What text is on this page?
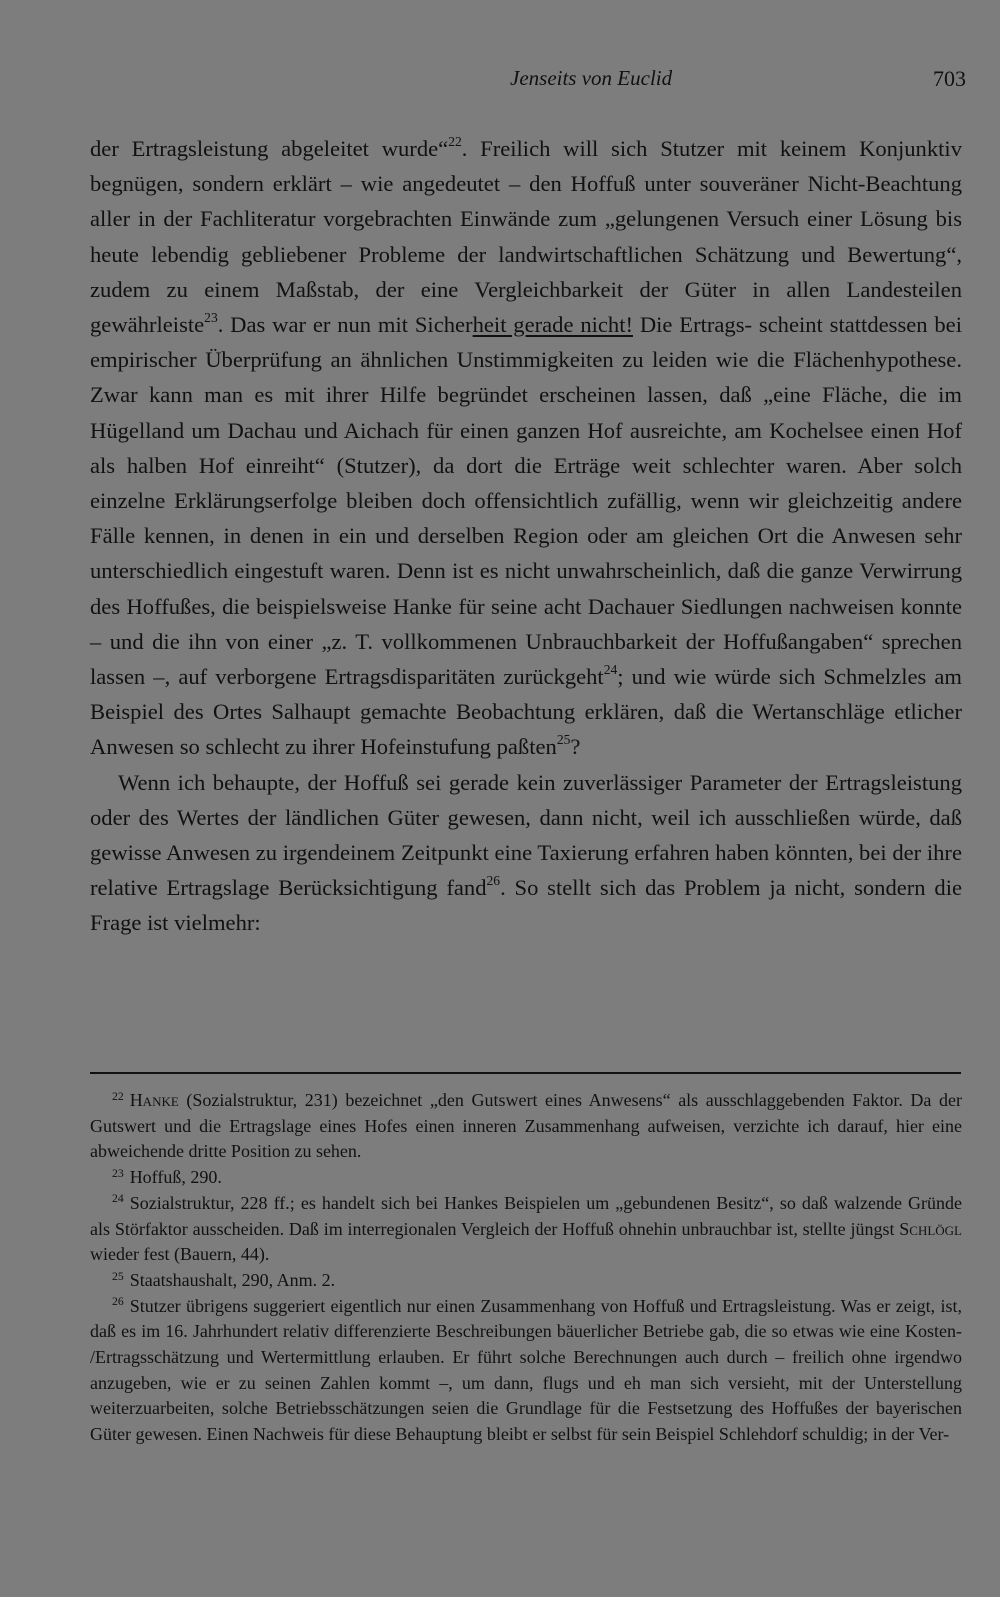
Jenseits von Euclid	703

der Ertragsleistung abgeleitet wurde“$^{22}$. Freilich will sich Stutzer mit keinem Konjunktiv begnügen, sondern erklärt – wie angedeutet – den Hoffuß unter souveräner Nicht-Beachtung aller in der Fachliteratur vorgebrachten Einwände zum „gelungenen Versuch einer Lösung bis heute lebendig gebliebener Probleme der landwirtschaftlichen Schätzung und Bewertung“, zudem zu einem Maßstab, der eine Vergleichbarkeit der Güter in allen Landesteilen gewährleiste$^{23}$. Das war er nun mit Sicherheit gerade nicht! Die Ertrags- scheint stattdessen bei empirischer Überprüfung an ähnlichen Unstimmigkeiten zu leiden wie die Flächenhypothese. Zwar kann man es mit ihrer Hilfe begründet erscheinen lassen, daß „eine Fläche, die im Hügelland um Dachau und Aichach für einen ganzen Hof ausreichte, am Kochelsee einen Hof als halben Hof einreiht“ (Stutzer), da dort die Erträge weit schlechter waren. Aber solch einzelne Erklärungserfolge bleiben doch offensichtlich zufällig, wenn wir gleichzeitig andere Fälle kennen, in denen in ein und derselben Region oder am gleichen Ort die Anwesen sehr unterschiedlich eingestuft waren. Denn ist es nicht unwahrscheinlich, daß die ganze Verwirrung des Hoffußes, die beispielsweise Hanke für seine acht Dachauer Siedlungen nachweisen konnte – und die ihn von einer „z. T. vollkommenen Unbrauchbarkeit der Hoffußangaben“ sprechen lassen –, auf verborgene Ertragsdisparitäten zurückgeht$^{24}$; und wie würde sich Schmelzles am Beispiel des Ortes Salhaupt gemachte Beobachtung erklären, daß die Wertanschläge etlicher Anwesen so schlecht zu ihrer Hofeinstufung paßten$^{25}$?

Wenn ich behaupte, der Hoffuß sei gerade kein zuverlässiger Parameter der Ertragsleistung oder des Wertes der ländlichen Güter gewesen, dann nicht, weil ich ausschließen würde, daß gewisse Anwesen zu irgendeinem Zeitpunkt eine Taxierung erfahren haben könnten, bei der ihre relative Ertragslage Berücksichtigung fand$^{26}$. So stellt sich das Problem ja nicht, sondern die Frage ist vielmehr:

$^{22}$ Hanke (Sozialstruktur, 231) bezeichnet „den Gutswert eines Anwesens“ als ausschlaggebenden Faktor. Da der Gutswert und die Ertragslage eines Hofes einen inneren Zusammenhang aufweisen, verzichte ich darauf, hier eine abweichende dritte Position zu sehen.

$^{23}$ Hoffuß, 290.

$^{24}$ Sozialstruktur, 228 ff.; es handelt sich bei Hankes Beispielen um „gebundenen Besitz“, so daß walzende Gründe als Störfaktor ausscheiden. Daß im interregionalen Vergleich der Hoffuß ohnehin unbrauchbar ist, stellte jüngst Schlögl wieder fest (Bauern, 44).

$^{25}$ Staatshaushalt, 290, Anm. 2.

$^{26}$ Stutzer übrigens suggeriert eigentlich nur einen Zusammenhang von Hoffuß und Ertragsleistung. Was er zeigt, ist, daß es im 16. Jahrhundert relativ differenzierte Beschreibungen bäuerlicher Betriebe gab, die so etwas wie eine Kosten- /Ertragsschätzung und Wertermittlung erlauben. Er führt solche Berechnungen auch durch – freilich ohne irgendwo anzugeben, wie er zu seinen Zahlen kommt –, um dann, flugs und eh man sich versieht, mit der Unterstellung weiterzuarbeiten, solche Betriebsschätzungen seien die Grundlage für die Festsetzung des Hoffußes der bayerischen Güter gewesen. Einen Nachweis für diese Behauptung bleibt er selbst für sein Beispiel Schlehdorf schuldig; in der Ver-
